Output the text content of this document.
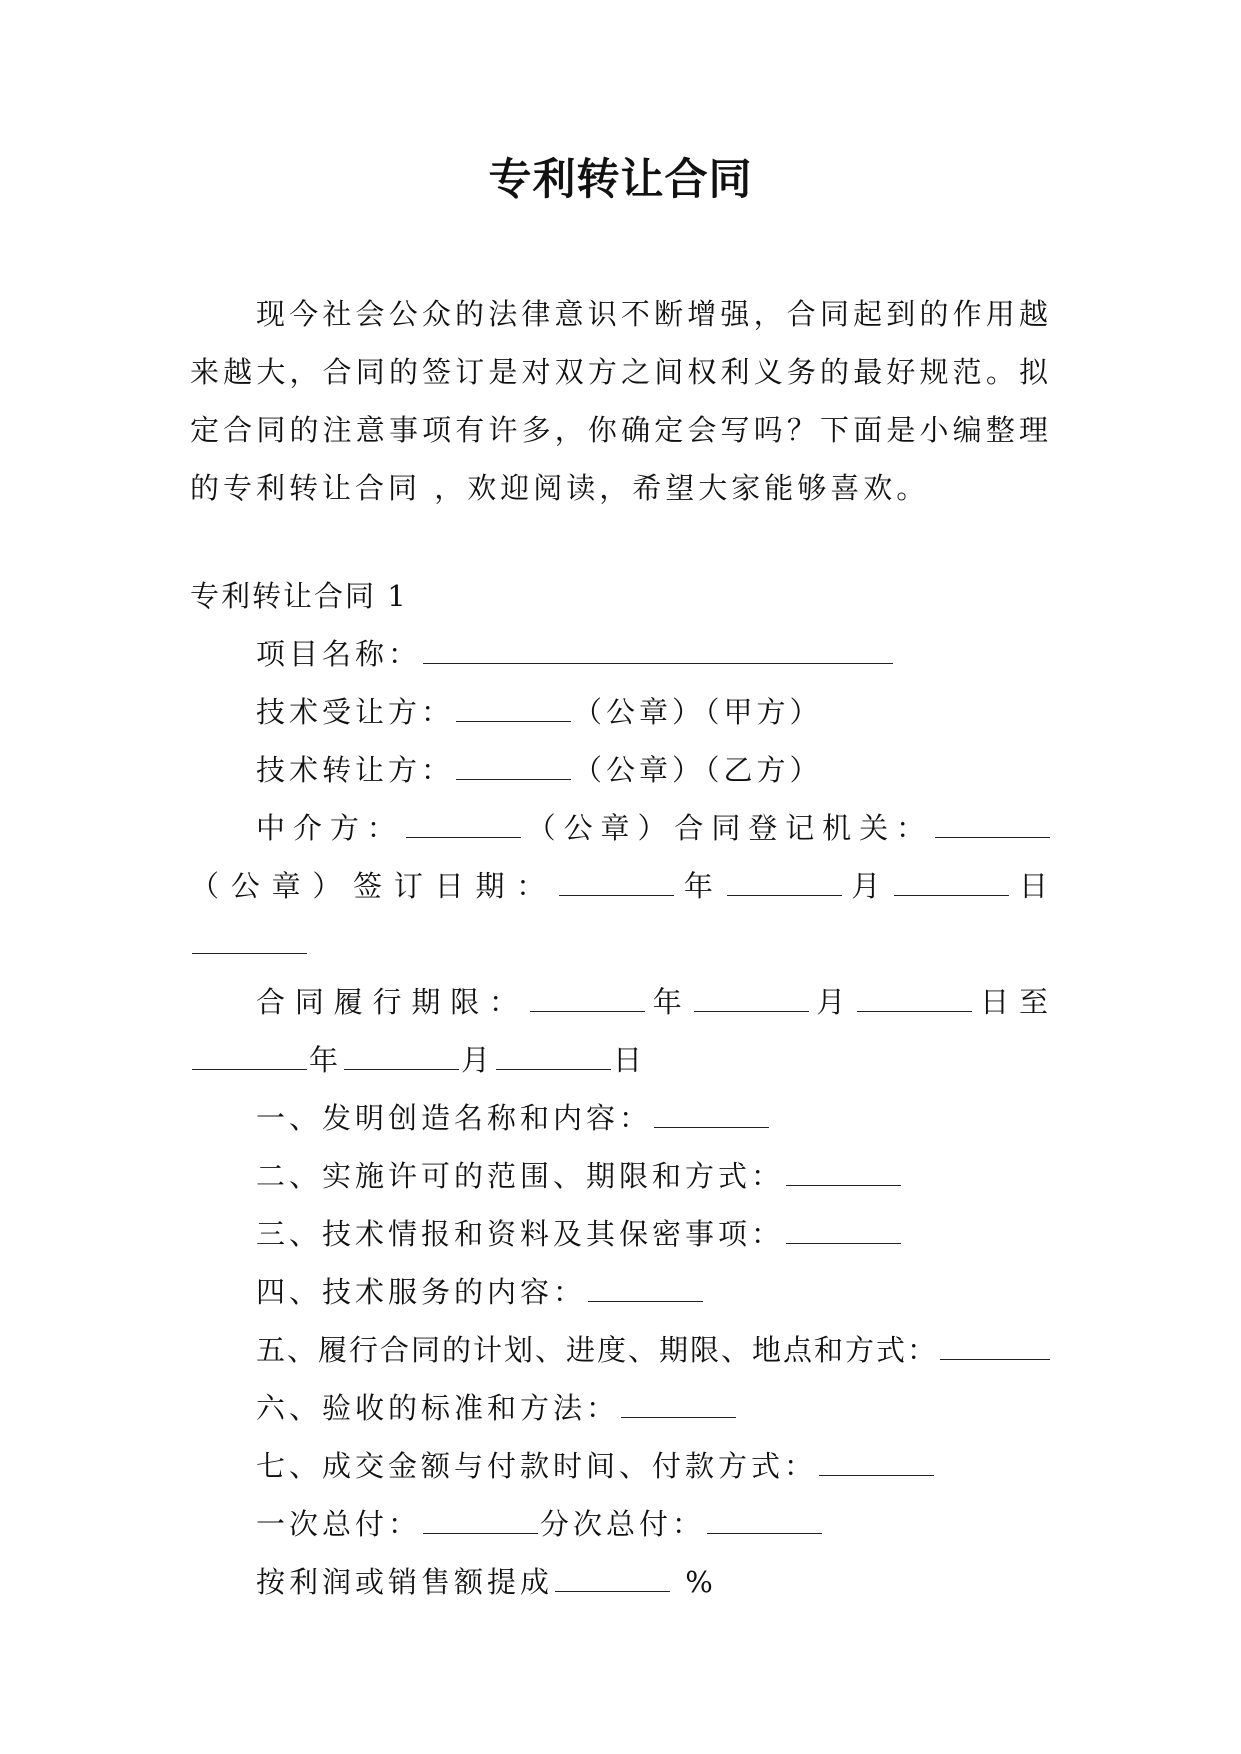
专利转让合同

现今社会公众的法律意识不断增强，合同起到的作用越来越大，合同的签订是对双方之间权利义务的最好规范。拟定合同的注意事项有许多，你确定会写吗？下面是小编整理的专利转让合同 ，欢迎阅读，希望大家能够喜欢。

专利转让合同 1
项目名称：
技术受让方：	（公章）（甲方）
技术转让方：	（公章）（乙方）
中介方：	（公章）合同登记机关：（公章）签订日期：	年	月	日
合同履行期限：	年	月	日至年	月	日
一、发明创造名称和内容：
二、实施许可的范围、期限和方式：
三、技术情报和资料及其保密事项：
四、技术服务的内容：
五、履行合同的计划、进度、期限、地点和方式：
六、验收的标准和方法：
七、成交金额与付款时间、付款方式：
一次总付：	分次总付：
按利润或销售额提成	%
